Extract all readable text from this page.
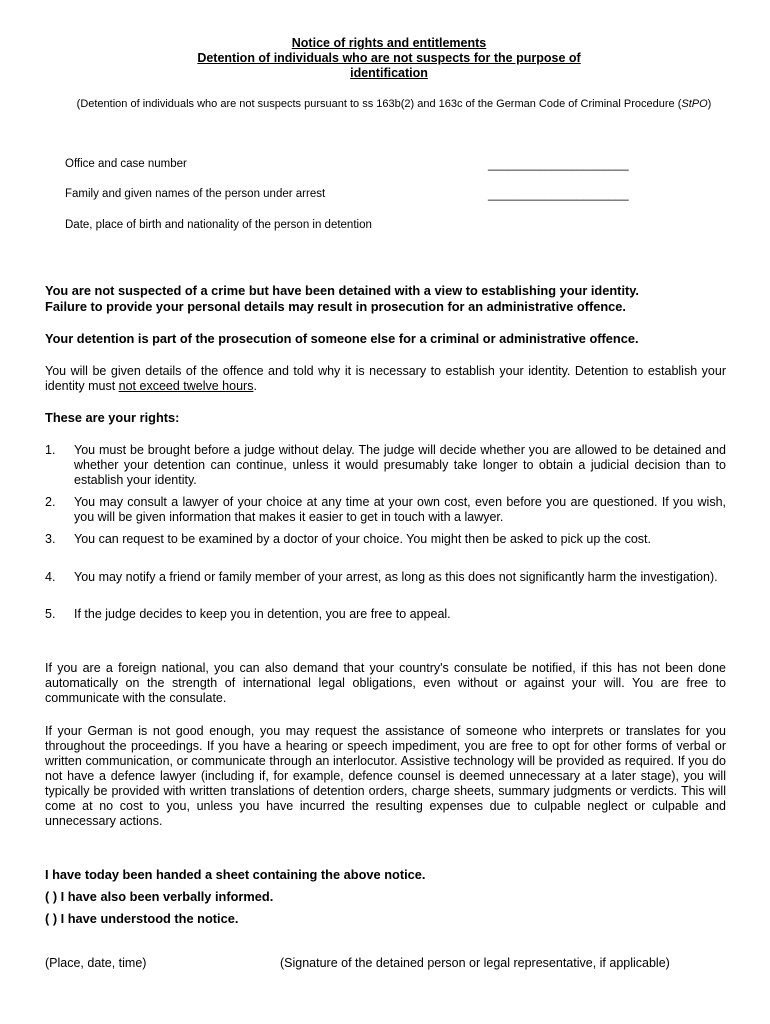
Notice of rights and entitlements
Detention of individuals who are not suspects for the purpose of
identification
(Detention of individuals who are not suspects pursuant to ss 163b(2) and 163c of the German Code of Criminal Procedure (StPO)
Office and case number	______________________
Family and given names of the person under arrest	______________________
Date, place of birth and nationality of the person in detention
You are not suspected of a crime but have been detained with a view to establishing your identity.
Failure to provide your personal details may result in prosecution for an administrative offence.
Your detention is part of the prosecution of someone else for a criminal or administrative offence.
You will be given details of the offence and told why it is necessary to establish your identity. Detention to establish your identity must not exceed twelve hours.
These are your rights:
1. You must be brought before a judge without delay. The judge will decide whether you are allowed to be detained and whether your detention can continue, unless it would presumably take longer to obtain a judicial decision than to establish your identity.
2. You may consult a lawyer of your choice at any time at your own cost, even before you are questioned. If you wish, you will be given information that makes it easier to get in touch with a lawyer.
3. You can request to be examined by a doctor of your choice. You might then be asked to pick up the cost.
4. You may notify a friend or family member of your arrest, as long as this does not significantly harm the investigation).
5. If the judge decides to keep you in detention, you are free to appeal.
If you are a foreign national, you can also demand that your country's consulate be notified, if this has not been done automatically on the strength of international legal obligations, even without or against your will. You are free to communicate with the consulate.
If your German is not good enough, you may request the assistance of someone who interprets or translates for you throughout the proceedings. If you have a hearing or speech impediment, you are free to opt for other forms of verbal or written communication, or communicate through an interlocutor. Assistive technology will be provided as required. If you do not have a defence lawyer (including if, for example, defence counsel is deemed unnecessary at a later stage), you will typically be provided with written translations of detention orders, charge sheets, summary judgments or verdicts. This will come at no cost to you, unless you have incurred the resulting expenses due to culpable neglect or culpable and unnecessary actions.
I have today been handed a sheet containing the above notice.
( ) I have also been verbally informed.
( ) I have understood the notice.
(Place, date, time)	(Signature of the detained person or legal representative, if applicable)
